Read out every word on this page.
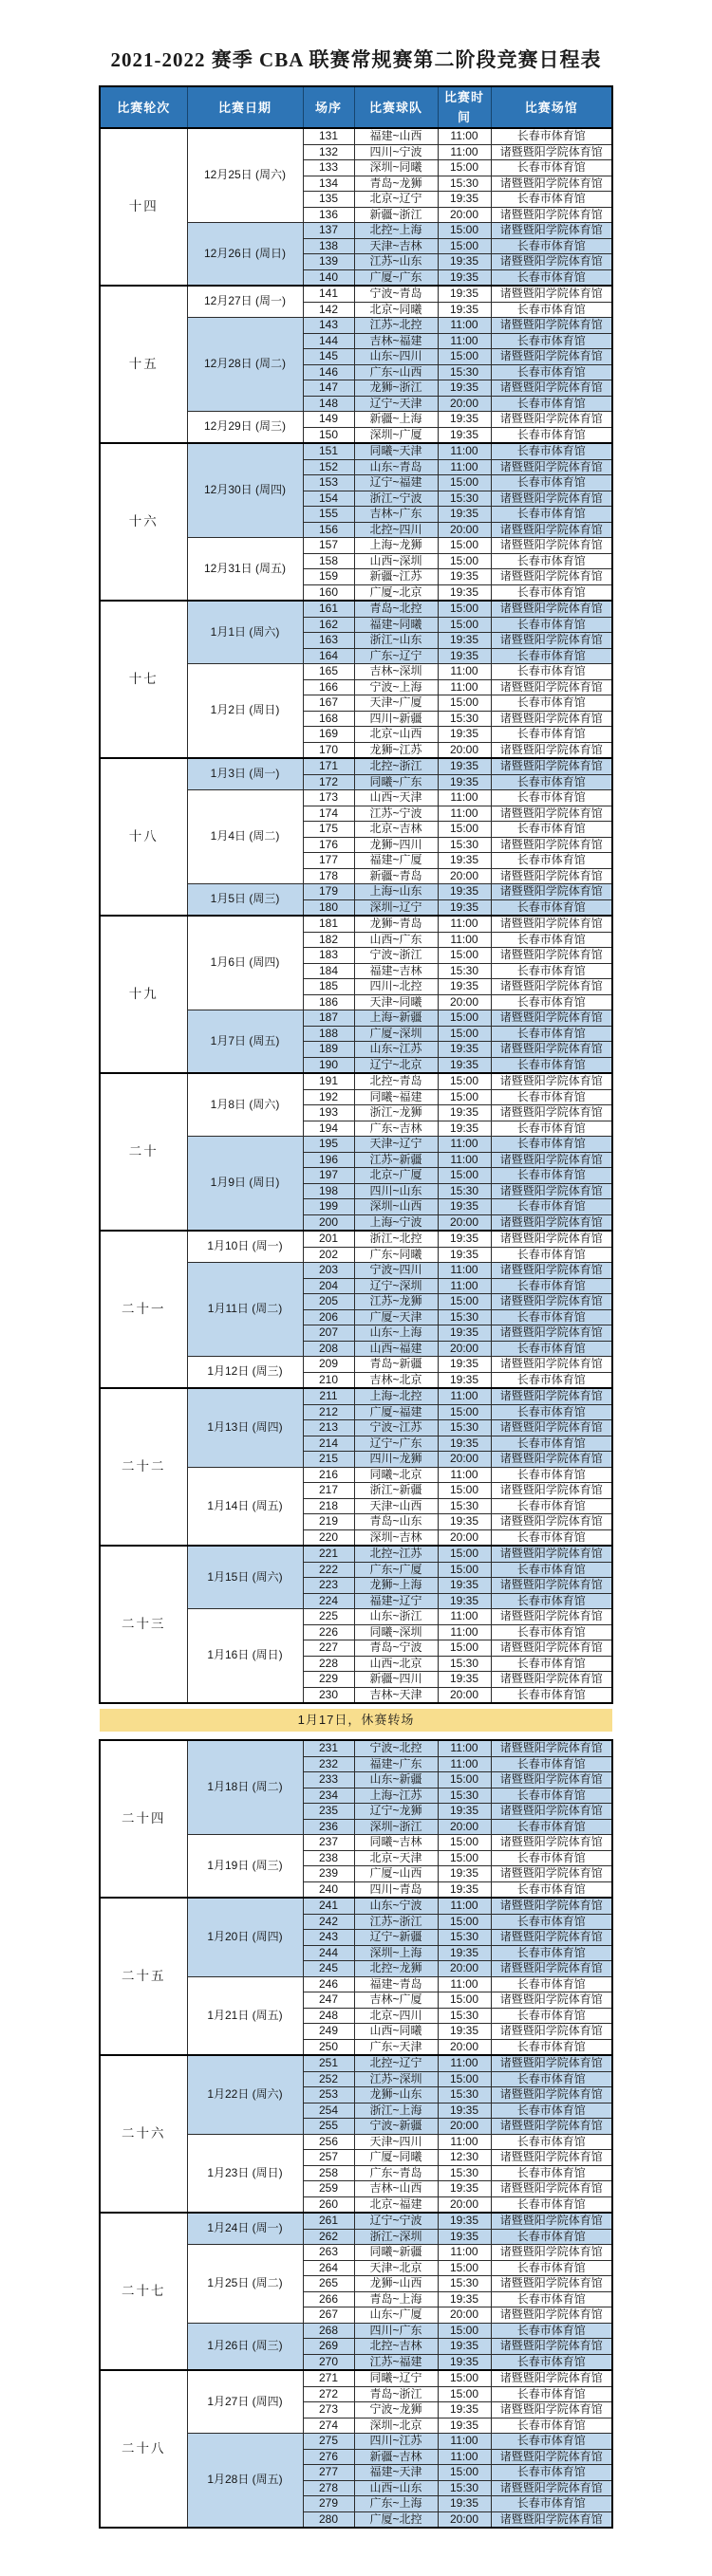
2021-2022 赛季 CBA 联赛常规赛第二阶段竞赛日程表
比赛轮次	比赛日期	场序	比赛球队	比赛时间	比赛场馆
十四	12月25日 (周六)	131	福建~山西	11:00	长春市体育馆
		132	四川~宁波	11:00	诸暨暨阳学院体育馆
		133	深圳~同曦	15:00	长春市体育馆
		134	青岛~龙狮	15:30	诸暨暨阳学院体育馆
		135	北京~辽宁	19:35	长春市体育馆
		136	新疆~浙江	20:00	诸暨暨阳学院体育馆
	12月26日 (周日)	137	北控~上海	15:00	诸暨暨阳学院体育馆
		138	天津~吉林	15:00	长春市体育馆
		139	江苏~山东	19:35	诸暨暨阳学院体育馆
		140	广厦~广东	19:35	长春市体育馆
十五	12月27日 (周一)	141	宁波~青岛	19:35	诸暨暨阳学院体育馆
		142	北京~同曦	19:35	长春市体育馆
	12月28日 (周二)	143	江苏~北控	11:00	诸暨暨阳学院体育馆
		144	吉林~福建	11:00	长春市体育馆
		145	山东~四川	15:00	诸暨暨阳学院体育馆
		146	广东~山西	15:30	长春市体育馆
		147	龙狮~浙江	19:35	诸暨暨阳学院体育馆
		148	辽宁~天津	20:00	长春市体育馆
	12月29日 (周三)	149	新疆~上海	19:35	诸暨暨阳学院体育馆
		150	深圳~广厦	19:35	长春市体育馆
十六	12月30日 (周四)	151	同曦~天津	11:00	长春市体育馆
		152	山东~青岛	11:00	诸暨暨阳学院体育馆
		153	辽宁~福建	15:00	长春市体育馆
		154	浙江~宁波	15:30	诸暨暨阳学院体育馆
		155	吉林~广东	19:35	长春市体育馆
		156	北控~四川	20:00	诸暨暨阳学院体育馆
	12月31日 (周五)	157	上海~龙狮	15:00	诸暨暨阳学院体育馆
		158	山西~深圳	15:00	长春市体育馆
		159	新疆~江苏	19:35	诸暨暨阳学院体育馆
		160	广厦~北京	19:35	长春市体育馆
十七	1月1日 (周六)	161	青岛~北控	15:00	诸暨暨阳学院体育馆
		162	福建~同曦	15:00	长春市体育馆
		163	浙江~山东	19:35	诸暨暨阳学院体育馆
		164	广东~辽宁	19:35	长春市体育馆
	1月2日 (周日)	165	吉林~深圳	11:00	长春市体育馆
		166	宁波~上海	11:00	诸暨暨阳学院体育馆
		167	天津~广厦	15:00	长春市体育馆
		168	四川~新疆	15:30	诸暨暨阳学院体育馆
		169	北京~山西	19:35	长春市体育馆
		170	龙狮~江苏	20:00	诸暨暨阳学院体育馆
十八	1月3日 (周一)	171	北控~浙江	19:35	诸暨暨阳学院体育馆
		172	同曦~广东	19:35	长春市体育馆
	1月4日 (周二)	173	山西~天津	11:00	长春市体育馆
		174	江苏~宁波	11:00	诸暨暨阳学院体育馆
		175	北京~吉林	15:00	长春市体育馆
		176	龙狮~四川	15:30	诸暨暨阳学院体育馆
		177	福建~广厦	19:35	长春市体育馆
		178	新疆~青岛	20:00	诸暨暨阳学院体育馆
	1月5日 (周三)	179	上海~山东	19:35	诸暨暨阳学院体育馆
		180	深圳~辽宁	19:35	长春市体育馆
十九	1月6日 (周四)	181	龙狮~青岛	11:00	诸暨暨阳学院体育馆
		182	山西~广东	11:00	长春市体育馆
		183	宁波~浙江	15:00	诸暨暨阳学院体育馆
		184	福建~吉林	15:30	长春市体育馆
		185	四川~北控	19:35	诸暨暨阳学院体育馆
		186	天津~同曦	20:00	长春市体育馆
	1月7日 (周五)	187	上海~新疆	15:00	诸暨暨阳学院体育馆
		188	广厦~深圳	15:00	长春市体育馆
		189	山东~江苏	19:35	诸暨暨阳学院体育馆
		190	辽宁~北京	19:35	长春市体育馆
二十	1月8日 (周六)	191	北控~青岛	15:00	诸暨暨阳学院体育馆
		192	同曦~福建	15:00	长春市体育馆
		193	浙江~龙狮	19:35	诸暨暨阳学院体育馆
		194	广东~吉林	19:35	长春市体育馆
	1月9日 (周日)	195	天津~辽宁	11:00	长春市体育馆
		196	江苏~新疆	11:00	诸暨暨阳学院体育馆
		197	北京~广厦	15:00	长春市体育馆
		198	四川~山东	15:30	诸暨暨阳学院体育馆
		199	深圳~山西	19:35	长春市体育馆
		200	上海~宁波	20:00	诸暨暨阳学院体育馆
二十一	1月10日 (周一)	201	浙江~北控	19:35	诸暨暨阳学院体育馆
		202	广东~同曦	19:35	长春市体育馆
	1月11日 (周二)	203	宁波~四川	11:00	诸暨暨阳学院体育馆
		204	辽宁~深圳	11:00	长春市体育馆
		205	江苏~龙狮	15:00	诸暨暨阳学院体育馆
		206	广厦~天津	15:30	长春市体育馆
		207	山东~上海	19:35	诸暨暨阳学院体育馆
		208	山西~福建	20:00	长春市体育馆
	1月12日 (周三)	209	青岛~新疆	19:35	诸暨暨阳学院体育馆
		210	吉林~北京	19:35	长春市体育馆
二十二	1月13日 (周四)	211	上海~北控	11:00	诸暨暨阳学院体育馆
		212	广厦~福建	15:00	长春市体育馆
		213	宁波~江苏	15:30	诸暨暨阳学院体育馆
		214	辽宁~广东	19:35	长春市体育馆
		215	四川~龙狮	20:00	诸暨暨阳学院体育馆
	1月14日 (周五)	216	同曦~北京	11:00	长春市体育馆
		217	浙江~新疆	15:00	诸暨暨阳学院体育馆
		218	天津~山西	15:30	长春市体育馆
		219	青岛~山东	19:35	诸暨暨阳学院体育馆
		220	深圳~吉林	20:00	长春市体育馆
二十三	1月15日 (周六)	221	北控~江苏	15:00	诸暨暨阳学院体育馆
		222	广东~广厦	15:00	长春市体育馆
		223	龙狮~上海	19:35	诸暨暨阳学院体育馆
		224	福建~辽宁	19:35	长春市体育馆
	1月16日 (周日)	225	山东~浙江	11:00	诸暨暨阳学院体育馆
		226	同曦~深圳	11:00	长春市体育馆
		227	青岛~宁波	15:00	诸暨暨阳学院体育馆
		228	山西~北京	15:30	长春市体育馆
		229	新疆~四川	19:35	诸暨暨阳学院体育馆
		230	吉林~天津	20:00	长春市体育馆
1月17日，休赛转场
二十四	1月18日 (周二)	231	宁波~北控	11:00	诸暨暨阳学院体育馆
		232	福建~广东	11:00	长春市体育馆
		233	山东~新疆	15:00	诸暨暨阳学院体育馆
		234	上海~江苏	15:30	长春市体育馆
		235	辽宁~龙狮	19:35	诸暨暨阳学院体育馆
		236	深圳~浙江	20:00	长春市体育馆
	1月19日 (周三)	237	同曦~吉林	15:00	诸暨暨阳学院体育馆
		238	北京~天津	15:00	长春市体育馆
		239	广厦~山西	19:35	诸暨暨阳学院体育馆
		240	四川~青岛	19:35	长春市体育馆
二十五	1月20日 (周四)	241	山东~宁波	11:00	诸暨暨阳学院体育馆
		242	江苏~浙江	15:00	长春市体育馆
		243	辽宁~新疆	15:30	诸暨暨阳学院体育馆
		244	深圳~上海	19:35	长春市体育馆
		245	北控~龙狮	20:00	诸暨暨阳学院体育馆
	1月21日 (周五)	246	福建~青岛	11:00	长春市体育馆
		247	吉林~广厦	15:00	诸暨暨阳学院体育馆
		248	北京~四川	15:30	长春市体育馆
		249	山西~同曦	19:35	诸暨暨阳学院体育馆
		250	广东~天津	20:00	长春市体育馆
二十六	1月22日 (周六)	251	北控~辽宁	11:00	诸暨暨阳学院体育馆
		252	江苏~深圳	15:00	长春市体育馆
		253	龙狮~山东	15:30	诸暨暨阳学院体育馆
		254	浙江~上海	19:35	长春市体育馆
		255	宁波~新疆	20:00	诸暨暨阳学院体育馆
	1月23日 (周日)	256	天津~四川	11:00	长春市体育馆
		257	广厦~同曦	12:30	诸暨暨阳学院体育馆
		258	广东~青岛	15:30	长春市体育馆
		259	吉林~山西	19:35	诸暨暨阳学院体育馆
		260	北京~福建	20:00	长春市体育馆
二十七	1月24日 (周一)	261	辽宁~宁波	19:35	诸暨暨阳学院体育馆
		262	浙江~深圳	19:35	长春市体育馆
	1月25日 (周二)	263	同曦~新疆	11:00	诸暨暨阳学院体育馆
		264	天津~北京	15:00	长春市体育馆
		265	龙狮~山西	15:30	诸暨暨阳学院体育馆
		266	青岛~上海	19:35	长春市体育馆
		267	山东~广厦	20:00	诸暨暨阳学院体育馆
	1月26日 (周三)	268	四川~广东	15:00	长春市体育馆
		269	北控~吉林	19:35	诸暨暨阳学院体育馆
		270	江苏~福建	19:35	长春市体育馆
二十八	1月27日 (周四)	271	同曦~辽宁	15:00	诸暨暨阳学院体育馆
		272	青岛~浙江	15:00	长春市体育馆
		273	宁波~龙狮	19:35	诸暨暨阳学院体育馆
		274	深圳~北京	19:35	长春市体育馆
	1月28日 (周五)	275	四川~江苏	11:00	长春市体育馆
		276	新疆~吉林	11:00	诸暨暨阳学院体育馆
		277	福建~天津	15:00	长春市体育馆
		278	山西~山东	15:30	诸暨暨阳学院体育馆
		279	广东~上海	19:35	长春市体育馆
		280	广厦~北控	20:00	诸暨暨阳学院体育馆
